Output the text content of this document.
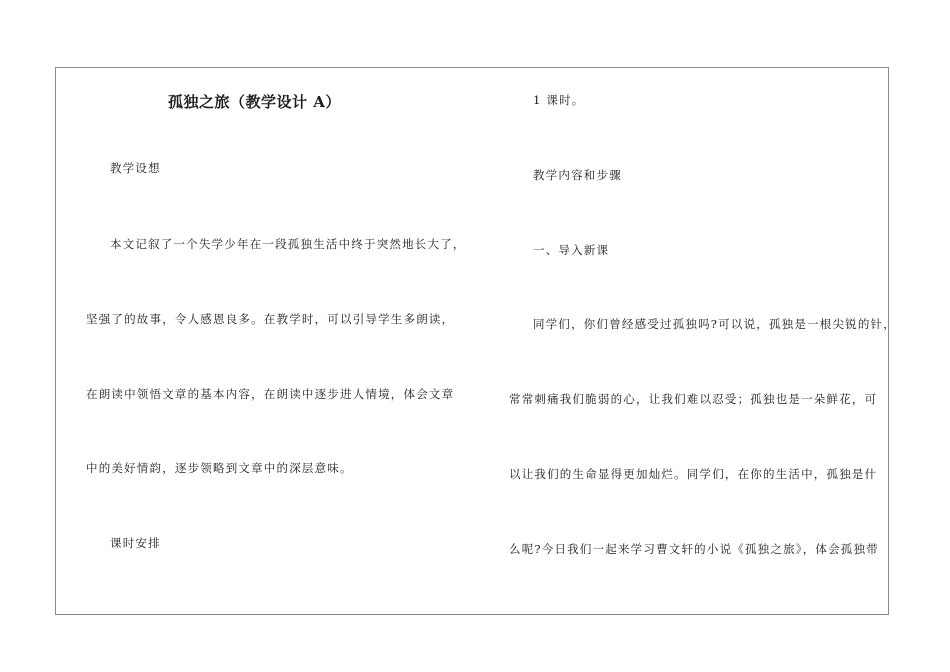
孤独之旅（教学设计 A）
教学设想
本文记叙了一个失学少年在一段孤独生活中终于突然地长大了，
坚强了的故事，令人感恩良多。在教学时，可以引导学生多朗读，
在朗读中领悟文章的基本内容，在朗读中逐步进人情境，体会文章
中的美好情韵，逐步领略到文章中的深层意味。
课时安排
1 课时。
教学内容和步骤
一、导入新课
同学们，你们曾经感受过孤独吗?可以说，孤独是一根尖锐的针，
常常刺痛我们脆弱的心，让我们难以忍受；孤独也是一朵鲜花，可
以让我们的生命显得更加灿烂。同学们，在你的生活中，孤独是什
么呢?今日我们一起来学习曹文轩的小说《孤独之旅》，体会孤独带
